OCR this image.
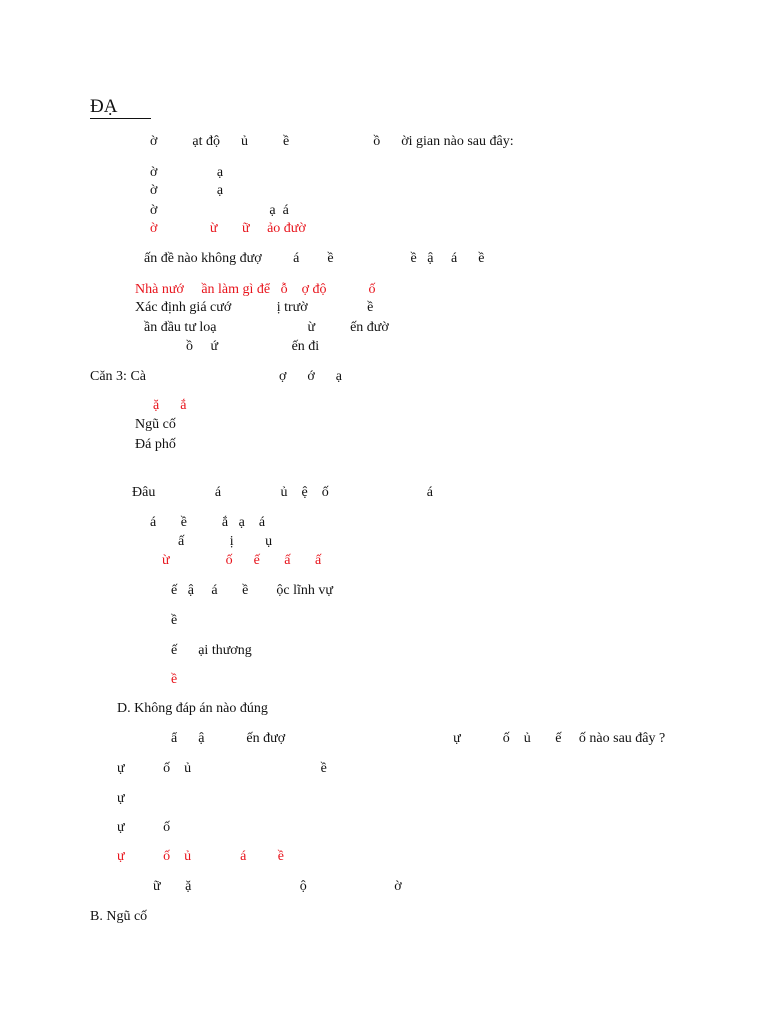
ĐẠ
ờ          ạt độ      ủ          ề                        ồ      ời gian nào sau đây:
ờ                 ạ
ờ                 ạ
ờ                                ạ  á
ờ               ừ       ữ     ảo đườ
ấn đề nào không đượ         á        ề                      ề   ậ     á      ề
Nhà nướ     ần làm gì để   ỗ    ợ độ            ố
Xác định giá cướ             ị trườ                 ề
ần đầu tư loạ                          ừ          ến đườ
ồ     ứ                     ến đi
Căn 3: Cà                                      ợ      ớ      ạ
ặ      ắ
Ngũ cố
Đá phố
Đâu                 á                 ủ    ệ    ố                            á
á       ề          ắ   ạ    á
ấ             ị         ụ
ừ                ố      ế       ấ       ấ
ế   ậ     á       ề        ộc lĩnh vự
ề
ế      ại thương
ề
D. Không đáp án nào đúng
ẩ      ậ            ến đượ                                                ự            ố    ủ       ế     ố nào sau đây ?
ự           ố    ủ                                     ề
ự
ự           ố
ự           ố    ủ              á         ề
ữ       ặ                               ộ                         ờ
B. Ngũ cố
